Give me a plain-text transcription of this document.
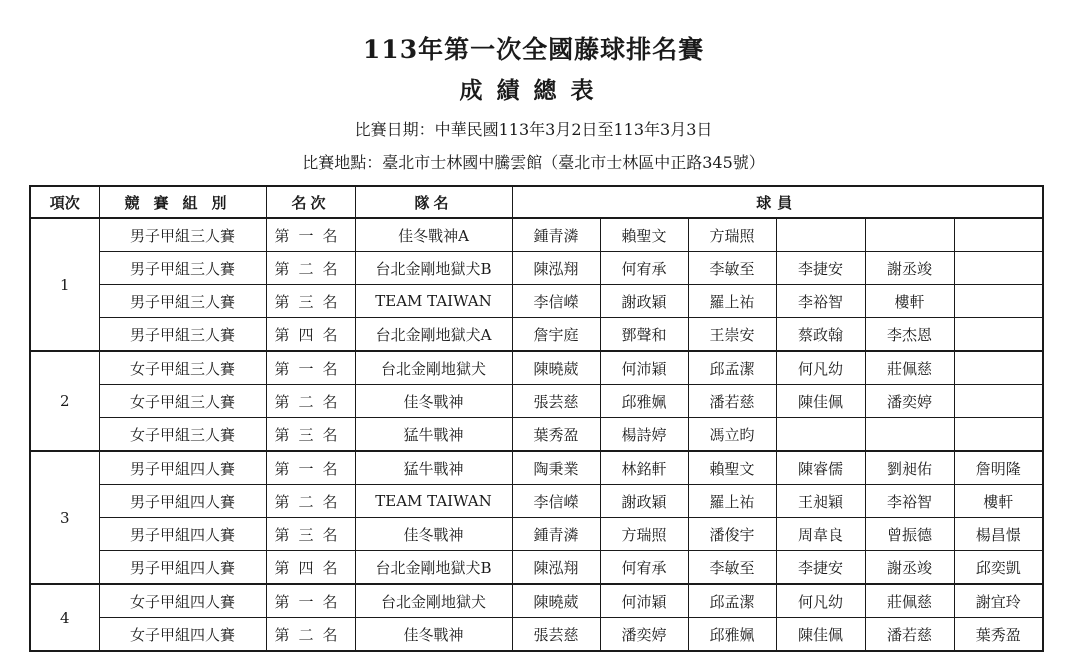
113年第一次全國藤球排名賽
成績總表
比賽日期：中華民國113年3月2日至113年3月3日
比賽地點：臺北市士林國中騰雲館（臺北市士林區中正路345號）
項次	競賽組別	名次	隊名	球員					
1	男子甲組三人賽	第一名	佳冬戰神A	鍾青潾	賴聖文	方瑞照			
	男子甲組三人賽	第二名	台北金剛地獄犬B	陳泓翔	何宥承	李敏至	李捷安	謝丞竣	
	男子甲組三人賽	第三名	TEAM TAIWAN	李信嶸	謝政穎	羅上祐	李裕智	樓軒	
	男子甲組三人賽	第四名	台北金剛地獄犬A	詹宇庭	鄧聲和	王崇安	蔡政翰	李杰恩	
2	女子甲組三人賽	第一名	台北金剛地獄犬	陳曉葳	何沛穎	邱孟潔	何凡幼	莊佩慈	
	女子甲組三人賽	第二名	佳冬戰神	張芸慈	邱雅姵	潘若慈	陳佳佩	潘奕婷	
	女子甲組三人賽	第三名	猛牛戰神	葉秀盈	楊詩婷	馮立昀			
3	男子甲組四人賽	第一名	猛牛戰神	陶秉業	林銘軒	賴聖文	陳睿儒	劉昶佑	詹明隆
	男子甲組四人賽	第二名	TEAM TAIWAN	李信嶸	謝政穎	羅上祐	王昶穎	李裕智	樓軒
	男子甲組四人賽	第三名	佳冬戰神	鍾青潾	方瑞照	潘俊宇	周韋良	曾振德	楊昌憬
	男子甲組四人賽	第四名	台北金剛地獄犬B	陳泓翔	何宥承	李敏至	李捷安	謝丞竣	邱奕凱
4	女子甲組四人賽	第一名	台北金剛地獄犬	陳曉葳	何沛穎	邱孟潔	何凡幼	莊佩慈	謝宜玲
	女子甲組四人賽	第二名	佳冬戰神	張芸慈	潘奕婷	邱雅姵	陳佳佩	潘若慈	葉秀盈
